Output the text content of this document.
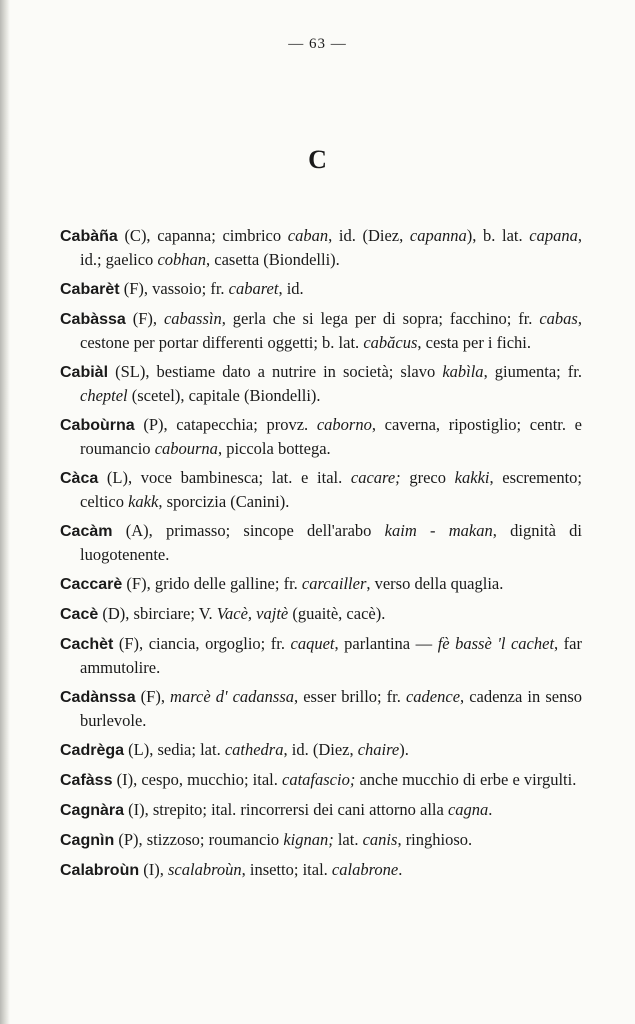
— 63 —
C
Cabàña (C), capanna; cimbrico caban, id. (Diez, capanna), b. lat. capana, id.; gaelico cobhan, casetta (Biondelli).
Cabarèt (F), vassoio; fr. cabaret, id.
Cabàssa (F), cabassìn, gerla che si lega per di sopra; facchino; fr. cabas, cestone per portar differenti oggetti; b. lat. cabăcus, cesta per i fichi.
Cabiàl (SL), bestiame dato a nutrire in società; slavo kabìla, giumenta; fr. cheptel (scetel), capitale (Biondelli).
Caboùrna (P), catapecchia; provz. caborno, caverna, ripostiglio; centr. e roumancio cabourna, piccola bottega.
Càca (L), voce bambinesca; lat. e ital. cacare; greco kakki, escremento; celtico kakk, sporcizia (Canini).
Cacàm (A), primasso; sincope dell'arabo kaim - makan, dignità di luogotenente.
Caccarè (F), grido delle galline; fr. carcailler, verso della quaglia.
Cacè (D), sbirciare; V. Vacè, vajtè (guaitè, cacè).
Cachèt (F), ciancia, orgoglio; fr. caquet, parlantina — fè bassè 'l cachet, far ammutolire.
Cadànssa (F), marcè d' cadanssa, esser brillo; fr. cadence, cadenza in senso burlevole.
Cadrèga (L), sedia; lat. cathedra, id. (Diez, chaire).
Cafàss (I), cespo, mucchio; ital. catafascio; anche mucchio di erbe e virgulti.
Cagnàra (I), strepito; ital. rincorrersi dei cani attorno alla cagna.
Cagnìn (P), stizzoso; roumancio kignan; lat. canis, ringhioso.
Calabroùn (I), scalabroùn, insetto; ital. calabrone.
